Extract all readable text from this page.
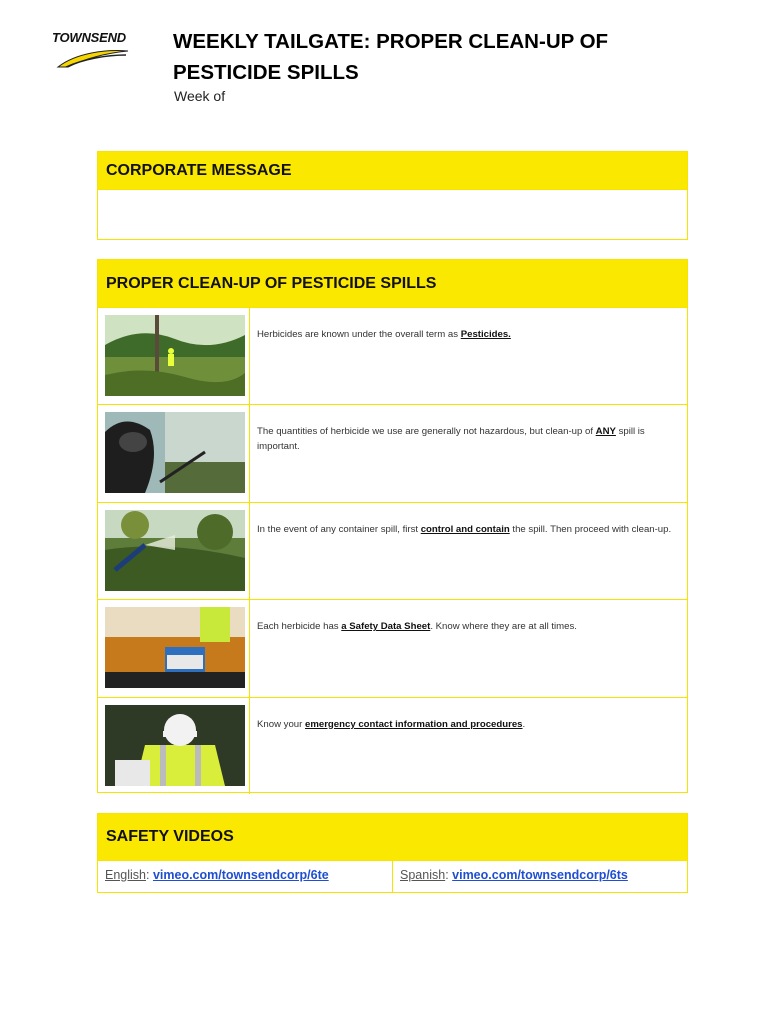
TOWNSEND WEEKLY TAILGATE: PROPER CLEAN-UP OF PESTICIDE SPILLS
Week of
CORPORATE MESSAGE
PROPER CLEAN-UP OF PESTICIDE SPILLS
Herbicides are known under the overall term as Pesticides.
The quantities of herbicide we use are generally not hazardous, but clean-up of ANY spill is important.
In the event of any container spill, first control and contain the spill. Then proceed with clean-up.
Each herbicide has a Safety Data Sheet. Know where they are at all times.
Know your emergency contact information and procedures.
SAFETY VIDEOS
English: vimeo.com/townsendcorp/6te	Spanish: vimeo.com/townsendcorp/6ts
